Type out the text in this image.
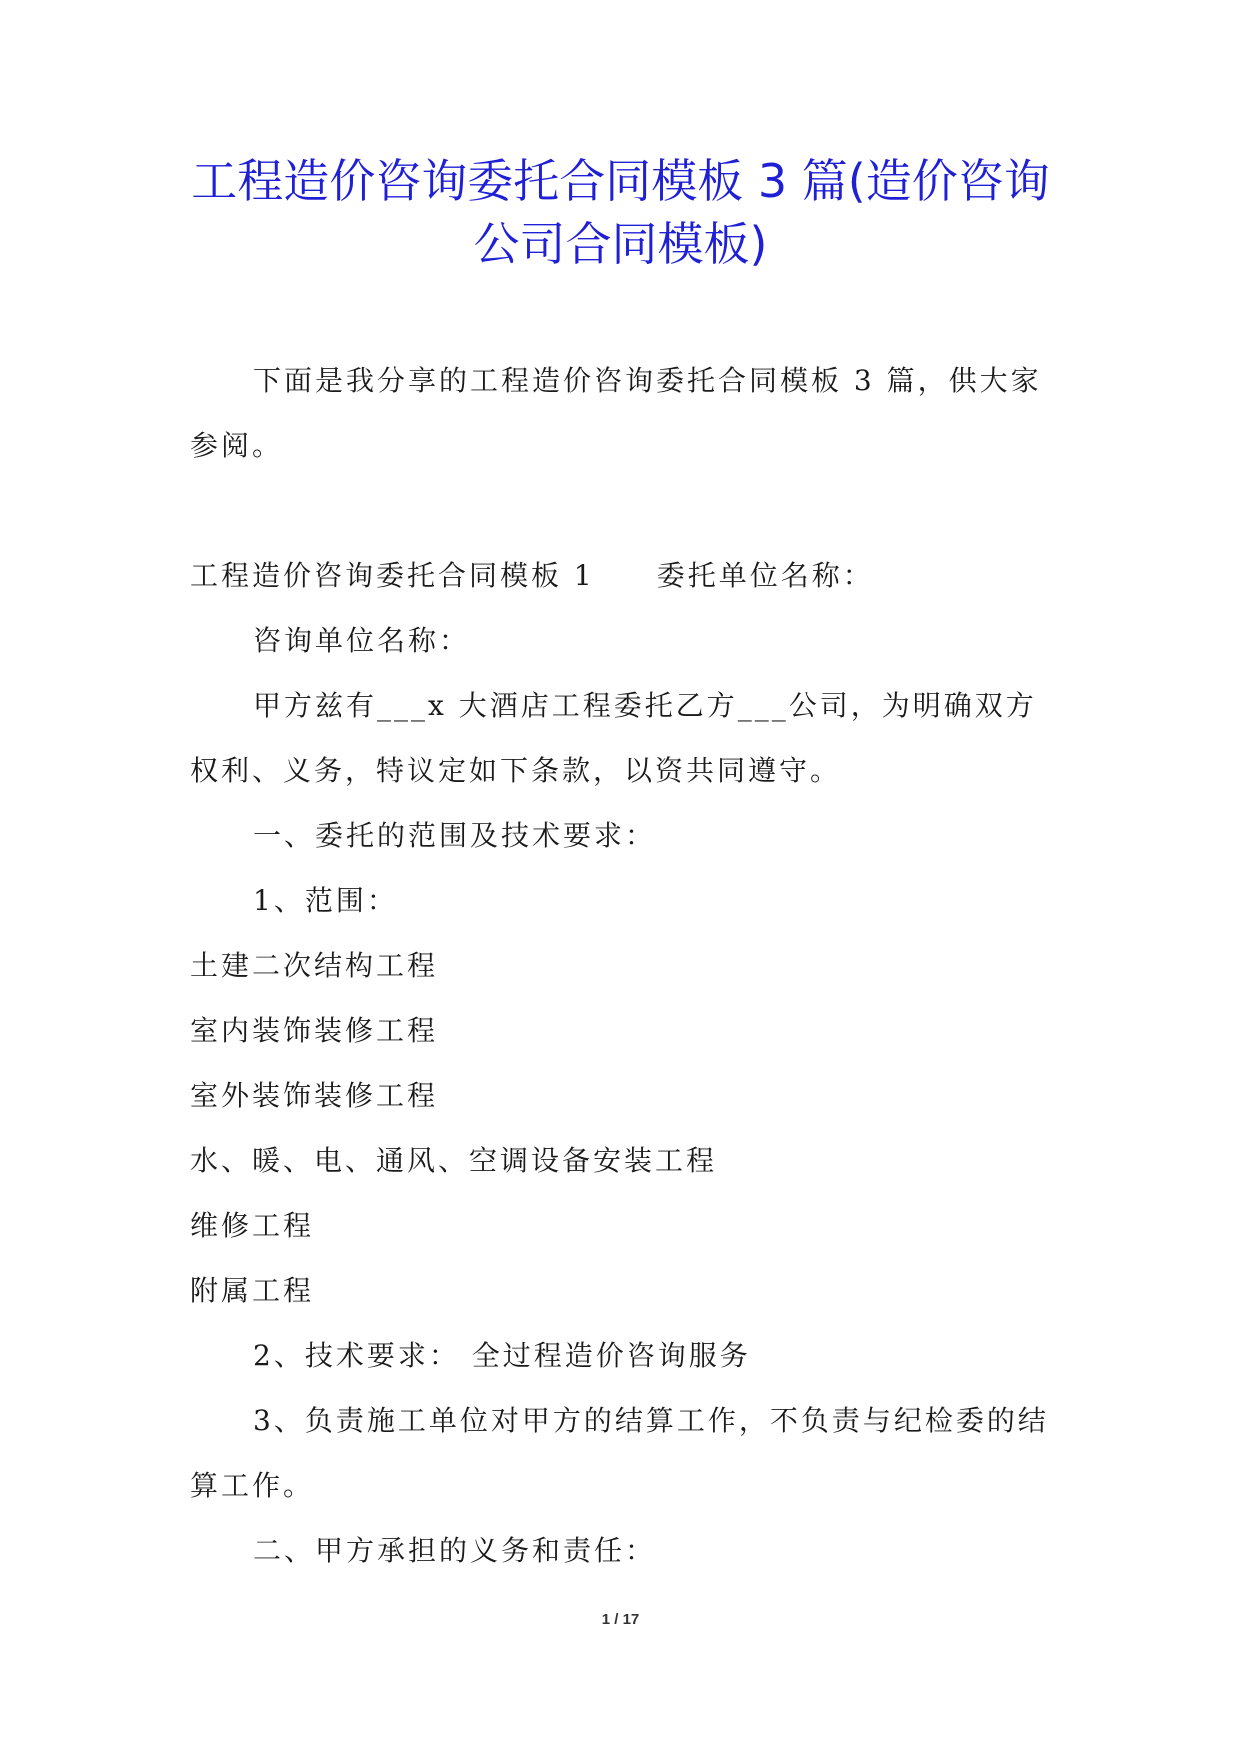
工程造价咨询委托合同模板 3 篇(造价咨询
公司合同模板)

下面是我分享的工程造价咨询委托合同模板 3 篇，供大家参阅。

工程造价咨询委托合同模板 1　　委托单位名称：

咨询单位名称：

甲方兹有___x 大酒店工程委托乙方___公司，为明确双方权利、义务，特议定如下条款，以资共同遵守。

一、委托的范围及技术要求：

1、范围：

土建二次结构工程

室内装饰装修工程

室外装饰装修工程

水、暖、电、通风、空调设备安装工程

维修工程

附属工程

2、技术要求： 全过程造价咨询服务

3、负责施工单位对甲方的结算工作，不负责与纪检委的结算工作。

二、甲方承担的义务和责任：

1 / 17
